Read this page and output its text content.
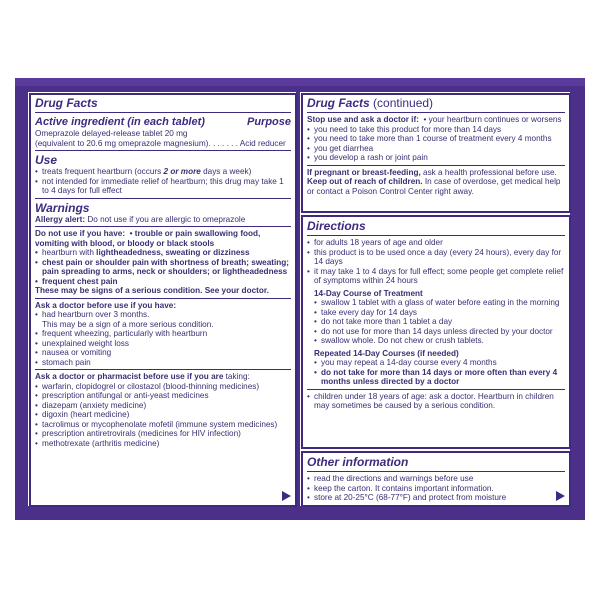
Drug Facts
Active ingredient (in each tablet)	Purpose
Omeprazole delayed-release tablet 20 mg
(equivalent to 20.6 mg omeprazole magnesium). . . . . . . Acid reducer
Use
• treats frequent heartburn (occurs 2 or more days a week)
• not intended for immediate relief of heartburn; this drug may take 1 to 4 days for full effect
Warnings
Allergy alert: Do not use if you are allergic to omeprazole
Do not use if you have:  • trouble or pain swallowing food, vomiting with blood, or bloody or black stools
• heartburn with lightheadedness, sweating or dizziness
• chest pain or shoulder pain with shortness of breath; sweating; pain spreading to arms, neck or shoulders; or lightheadedness
• frequent chest pain
These may be signs of a serious condition. See your doctor.
Ask a doctor before use if you have:
• had heartburn over 3 months.
This may be a sign of a more serious condition.
• frequent wheezing, particularly with heartburn
• unexplained weight loss
• nausea or vomiting
• stomach pain
Ask a doctor or pharmacist before use if you are taking:
• warfarin, clopidogrel or cilostazol (blood-thinning medicines)
• prescription antifungal or anti-yeast medicines
• diazepam (anxiety medicine)
• digoxin (heart medicine)
• tacrolimus or mycophenolate mofetil (immune system medicines)
• prescription antiretrovirals (medicines for HIV infection)
• methotrexate (arthritis medicine)
Drug Facts (continued)
Stop use and ask a doctor if:  • your heartburn continues or worsens
• you need to take this product for more than 14 days
• you need to take more than 1 course of treatment every 4 months
• you get diarrhea
• you develop a rash or joint pain
If pregnant or breast-feeding, ask a health professional before use.
Keep out of reach of children. In case of overdose, get medical help or contact a Poison Control Center right away.
Directions
• for adults 18 years of age and older
• this product is to be used once a day (every 24 hours), every day for 14 days
• it may take 1 to 4 days for full effect; some people get complete relief of symptoms within 24 hours
14-Day Course of Treatment
• swallow 1 tablet with a glass of water before eating in the morning
• take every day for 14 days
• do not take more than 1 tablet a day
• do not use for more than 14 days unless directed by your doctor
• swallow whole. Do not chew or crush tablets.
Repeated 14-Day Courses (if needed)
• you may repeat a 14-day course every 4 months
• do not take for more than 14 days or more often than every 4 months unless directed by a doctor
• children under 18 years of age: ask a doctor. Heartburn in children may sometimes be caused by a serious condition.
Other information
• read the directions and warnings before use
• keep the carton. It contains important information.
• store at 20-25°C (68-77°F) and protect from moisture
